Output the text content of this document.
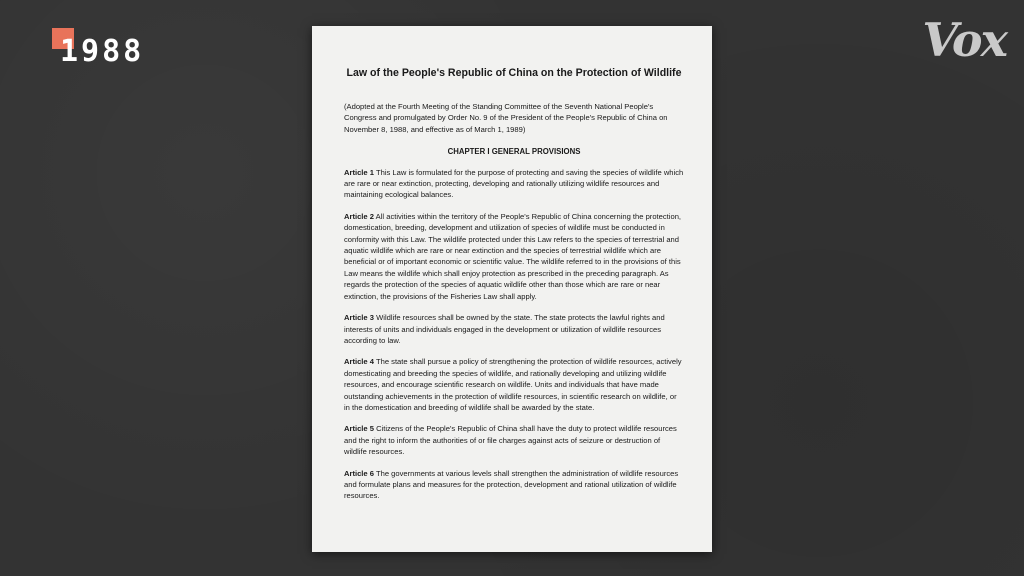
1988	Vox
Law of the People's Republic of China on the Protection of Wildlife
(Adopted at the Fourth Meeting of the Standing Committee of the Seventh National People's Congress and promulgated by Order No. 9 of the President of the People's Republic of China on November 8, 1988, and effective as of March 1, 1989)
CHAPTER I GENERAL PROVISIONS
Article 1 This Law is formulated for the purpose of protecting and saving the species of wildlife which are rare or near extinction, protecting, developing and rationally utilizing wildlife resources and maintaining ecological balances.
Article 2 All activities within the territory of the People's Republic of China concerning the protection, domestication, breeding, development and utilization of species of wildlife must be conducted in conformity with this Law. The wildlife protected under this Law refers to the species of terrestrial and aquatic wildlife which are rare or near extinction and the species of terrestrial wildlife which are beneficial or of important economic or scientific value. The wildlife referred to in the provisions of this Law means the wildlife which shall enjoy protection as prescribed in the preceding paragraph. As regards the protection of the species of aquatic wildlife other than those which are rare or near extinction, the provisions of the Fisheries Law shall apply.
Article 3 Wildlife resources shall be owned by the state. The state protects the lawful rights and interests of units and individuals engaged in the development or utilization of wildlife resources according to law.
Article 4 The state shall pursue a policy of strengthening the protection of wildlife resources, actively domesticating and breeding the species of wildlife, and rationally developing and utilizing wildlife resources, and encourage scientific research on wildlife. Units and individuals that have made outstanding achievements in the protection of wildlife resources, in scientific research on wildlife, or in the domestication and breeding of wildlife shall be awarded by the state.
Article 5 Citizens of the People's Republic of China shall have the duty to protect wildlife resources and the right to inform the authorities of or file charges against acts of seizure or destruction of wildlife resources.
Article 6 The governments at various levels shall strengthen the administration of wildlife resources and formulate plans and measures for the protection, development and rational utilization of wildlife resources.
